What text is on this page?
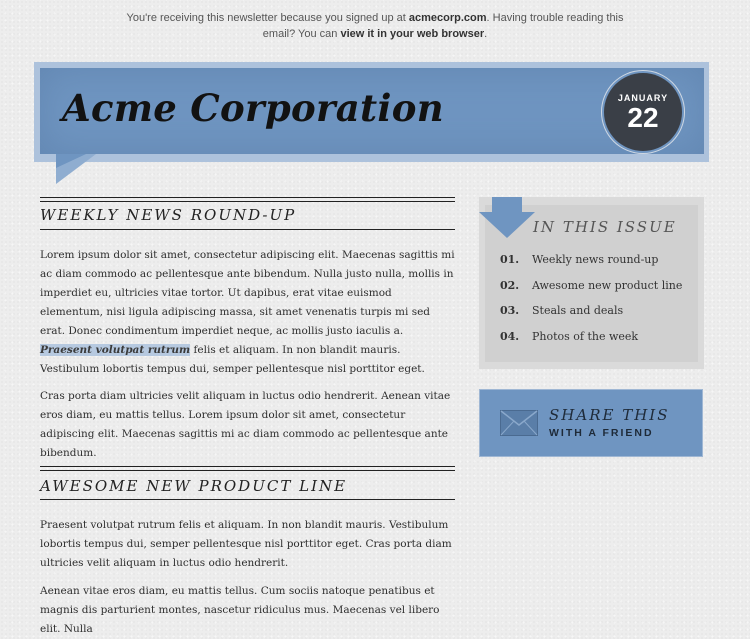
You're receiving this newsletter because you signed up at acmecorp.com. Having trouble reading this email? You can view it in your web browser.
Acme Corporation	JANUARY
22
WEEKLY NEWS ROUND-UP

Lorem ipsum dolor sit amet, consectetur adipiscing elit. Maecenas sagittis mi ac diam commodo ac pellentesque ante bibendum. Nulla justo nulla, mollis in imperdiet eu, ultricies vitae tortor. Ut dapibus, erat vitae euismod elementum, nisi ligula adipiscing massa, sit amet venenatis turpis mi sed erat. Donec condimentum imperdiet neque, ac mollis justo iaculis a. Praesent volutpat rutrum felis et aliquam. In non blandit mauris. Vestibulum lobortis tempus dui, semper pellentesque nisl porttitor eget.

Cras porta diam ultricies velit aliquam in luctus odio hendrerit. Aenean vitae eros diam, eu mattis tellus. Lorem ipsum dolor sit amet, consectetur adipiscing elit. Maecenas sagittis mi ac diam commodo ac pellentesque ante bibendum.

AWESOME NEW PRODUCT LINE

Praesent volutpat rutrum felis et aliquam. In non blandit mauris. Vestibulum lobortis tempus dui, semper pellentesque nisl porttitor eget. Cras porta diam ultricies velit aliquam in luctus odio hendrerit.

Aenean vitae eros diam, eu mattis tellus. Cum sociis natoque penatibus et magnis dis parturient montes, nascetur ridiculus mus. Maecenas vel libero elit. Nulla

IN THIS ISSUE
01. Weekly news round-up
02. Awesome new product line
03. Steals and deals
04. Photos of the week
SHARE THIS
WITH A FRIEND
